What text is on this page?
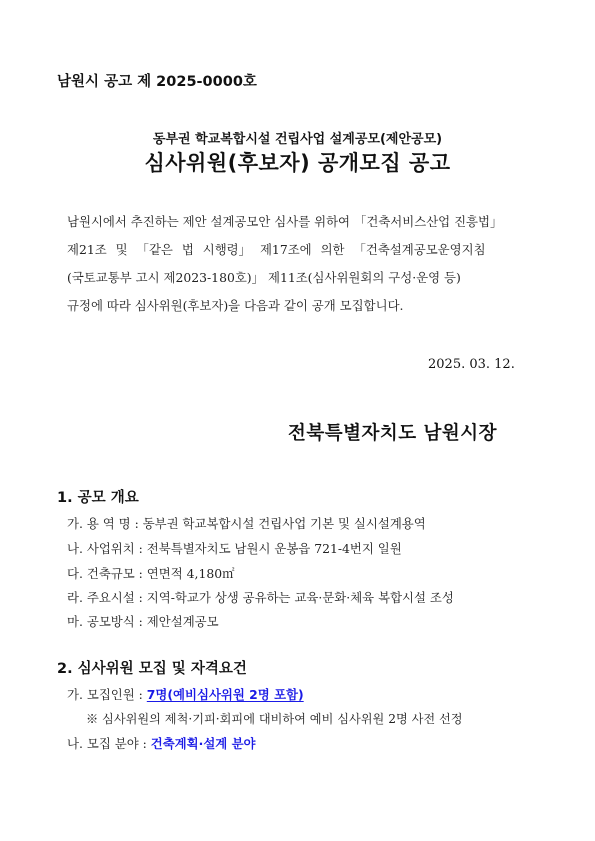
남원시 공고 제 2025-0000호
동부권 학교복합시설 건립사업 설계공모(제안공모)
심사위원(후보자) 공개모집 공고
남원시에서 추진하는 제안 설계공모안 심사를 위하여 「건축서비스산업 진흥법」
제21조 및 「같은 법 시행령」 제17조에 의한 「건축설계공모운영지침
(국토교통부 고시 제2023-180호)」 제11조(심사위원회의 구성·운영 등)
규정에 따라 심사위원(후보자)을 다음과 같이 공개 모집합니다.
2025. 03. 12.
전북특별자치도 남원시장
1. 공모 개요
가. 용 역 명 : 동부권 학교복합시설 건립사업 기본 및 실시설계용역
나. 사업위치 : 전북특별자치도 남원시 운봉읍 721-4번지 일원
다. 건축규모 : 연면적 4,180㎡
라. 주요시설 : 지역-학교가 상생 공유하는 교육·문화·체육 복합시설 조성
마. 공모방식 : 제안설계공모
2. 심사위원 모집 및 자격요건
가. 모집인원 : 7명(예비심사위원 2명 포함)
※ 심사위원의 제척·기피·회피에 대비하여 예비 심사위원 2명 사전 선정
나. 모집 분야 : 건축계획·설계 분야
